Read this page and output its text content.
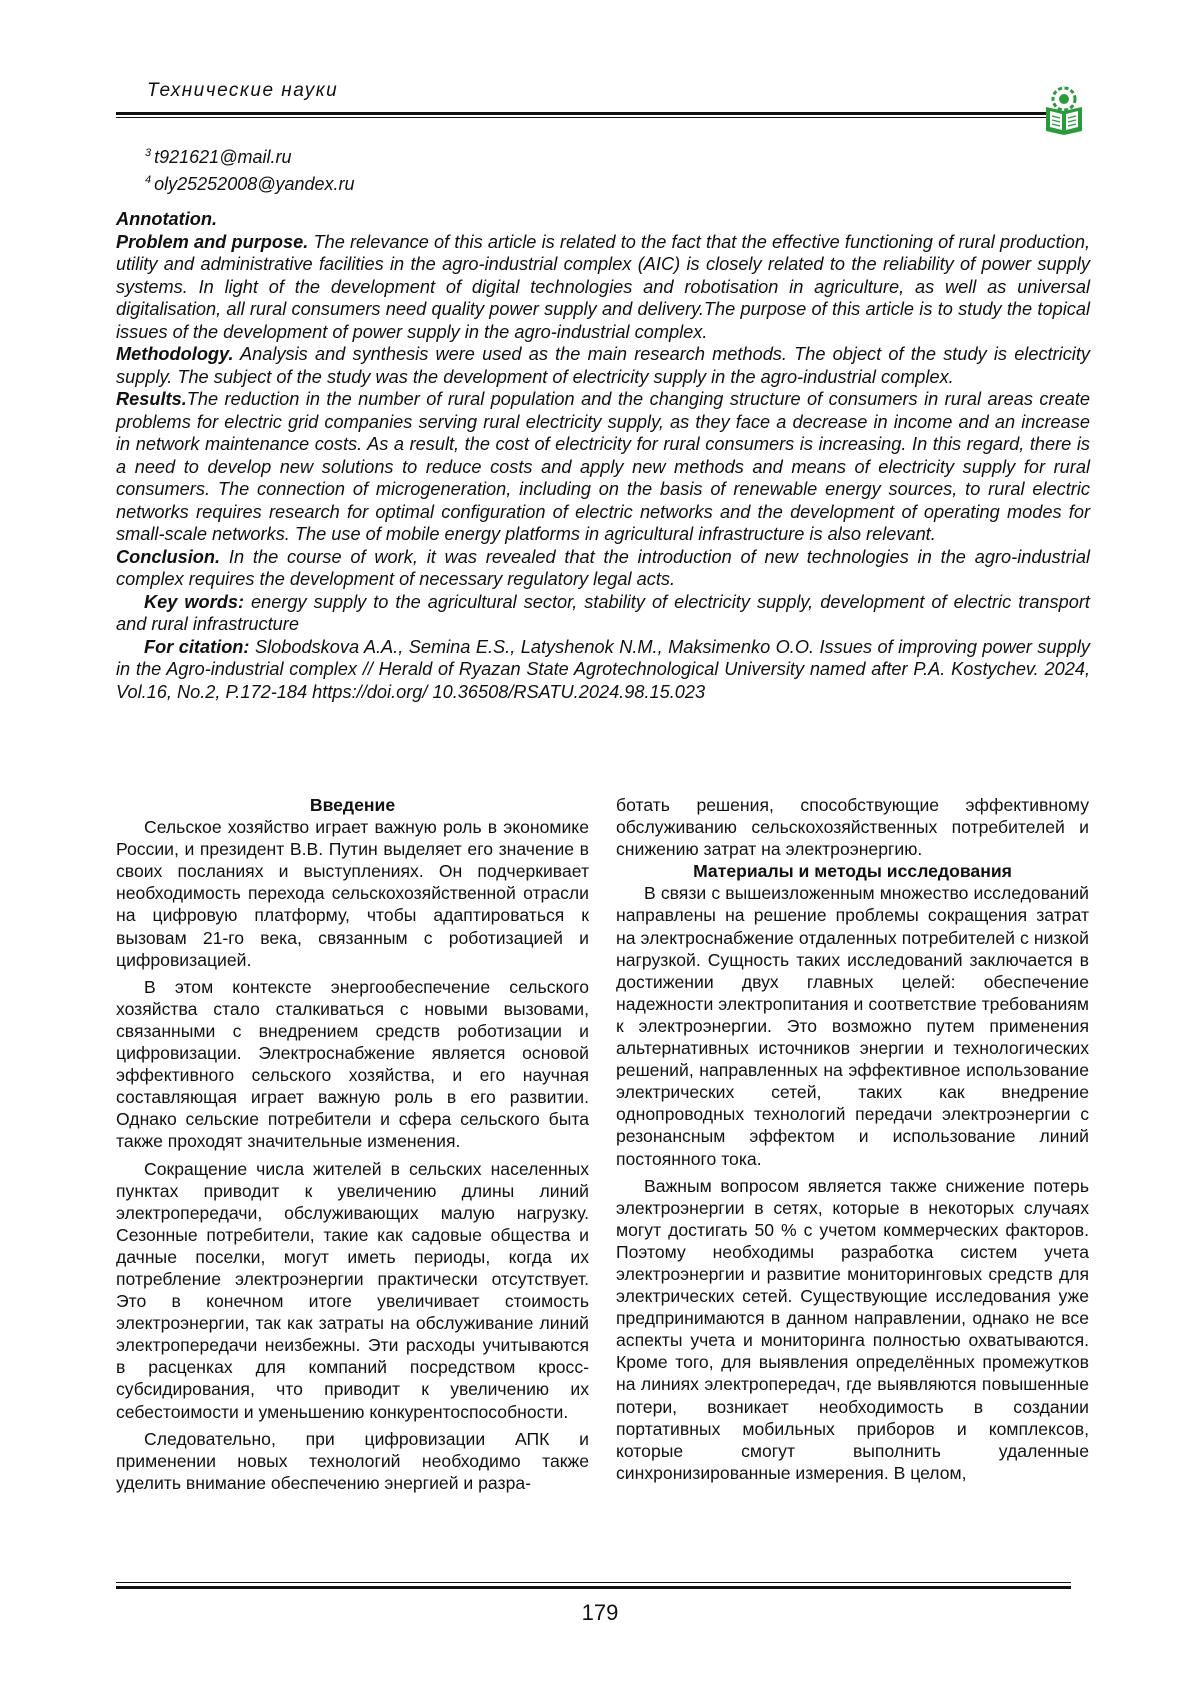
Технические науки
$^3$ t921621@mail.ru
$^4$ oly25252008@yandex.ru

Annotation.

Problem and purpose. The relevance of this article is related to the fact that the effective functioning of rural production, utility and administrative facilities in the agro-industrial complex (AIC) is closely related to the reliability of power supply systems. In light of the development of digital technologies and robotisation in agriculture, as well as universal digitalisation, all rural consumers need quality power supply and delivery.The purpose of this article is to study the topical issues of the development of power supply in the agro-industrial complex.

Methodology. Analysis and synthesis were used as the main research methods. The object of the study is electricity supply. The subject of the study was the development of electricity supply in the agro-industrial complex.

Results.The reduction in the number of rural population and the changing structure of consumers in rural areas create problems for electric grid companies serving rural electricity supply, as they face a decrease in income and an increase in network maintenance costs. As a result, the cost of electricity for rural consumers is increasing. In this regard, there is a need to develop new solutions to reduce costs and apply new methods and means of electricity supply for rural consumers. The connection of microgeneration, including on the basis of renewable energy sources, to rural electric networks requires research for optimal configuration of electric networks and the development of operating modes for small-scale networks. The use of mobile energy platforms in agricultural infrastructure is also relevant.

Conclusion. In the course of work, it was revealed that the introduction of new technologies in the agro-industrial complex requires the development of necessary regulatory legal acts.

Key words: energy supply to the agricultural sector, stability of electricity supply, development of electric transport and rural infrastructure

For citation: Slobodskova A.A., Semina E.S., Latyshenok N.M., Maksimenko O.O. Issues of improving power supply in the Agro-industrial complex // Herald of Ryazan State Agrotechnological University named after P.A. Kostychev. 2024, Vol.16, No.2, P.172-184 https://doi.org/ 10.36508/RSATU.2024.98.15.023

Введение

Сельское хозяйство играет важную роль в экономике России, и президент В.В. Путин выделяет его значение в своих посланиях и выступлениях. Он подчеркивает необходимость перехода сельскохозяйственной отрасли на цифровую платформу, чтобы адаптироваться к вызовам 21-го века, связанным с роботизацией и цифровизацией.

В этом контексте энергообеспечение сельского хозяйства стало сталкиваться с новыми вызовами, связанными с внедрением средств роботизации и цифровизации. Электроснабжение является основой эффективного сельского хозяйства, и его научная составляющая играет важную роль в его развитии. Однако сельские потребители и сфера сельского быта также проходят значительные изменения.

Сокращение числа жителей в сельских населенных пунктах приводит к увеличению длины линий электропередачи, обслуживающих малую нагрузку. Сезонные потребители, такие как садовые общества и дачные поселки, могут иметь периоды, когда их потребление электроэнергии практически отсутствует. Это в конечном итоге увеличивает стоимость электроэнергии, так как затраты на обслуживание линий электропередачи неизбежны. Эти расходы учитываются в расценках для компаний посредством кросс-субсидирования, что приводит к увеличению их себестоимости и уменьшению конкурентоспособности.

Следовательно, при цифровизации АПК и применении новых технологий необходимо также уделить внимание обеспечению энергией и разра-

ботать решения, способствующие эффективному обслуживанию сельскохозяйственных потребителей и снижению затрат на электроэнергию.

Материалы и методы исследования

В связи с вышеизложенным множество исследований направлены на решение проблемы сокращения затрат на электроснабжение отдаленных потребителей с низкой нагрузкой. Сущность таких исследований заключается в достижении двух главных целей: обеспечение надежности электропитания и соответствие требованиям к электроэнергии. Это возможно путем применения альтернативных источников энергии и технологических решений, направленных на эффективное использование электрических сетей, таких как внедрение однопроводных технологий передачи электроэнергии с резонансным эффектом и использование линий постоянного тока.

Важным вопросом является также снижение потерь электроэнергии в сетях, которые в некоторых случаях могут достигать 50 % с учетом коммерческих факторов. Поэтому необходимы разработка систем учета электроэнергии и развитие мониторинговых средств для электрических сетей. Существующие исследования уже предпринимаются в данном направлении, однако не все аспекты учета и мониторинга полностью охватываются. Кроме того, для выявления определённых промежутков на линиях электропередач, где выявляются повышенные потери, возникает необходимость в создании портативных мобильных приборов и комплексов, которые смогут выполнить удаленные синхронизированные измерения. В целом,

179
